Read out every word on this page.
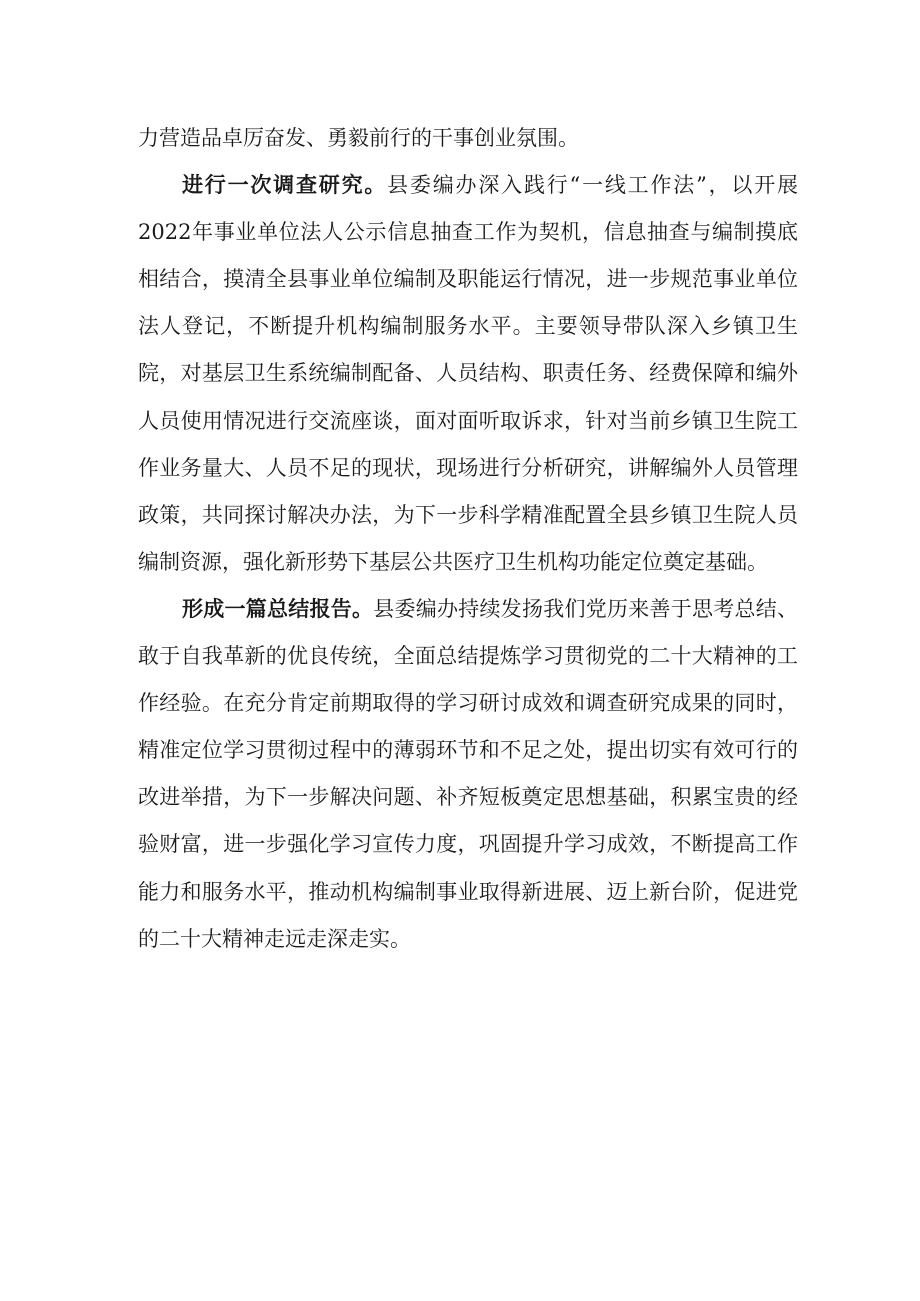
力营造品卓厉奋发、勇毅前行的干事创业氛围。

进行一次调查研究。县委编办深入践行“一线工作法”，以开展2022年事业单位法人公示信息抽查工作为契机，信息抽查与编制摸底相结合，摸清全县事业单位编制及职能运行情况，进一步规范事业单位法人登记，不断提升机构编制服务水平。主要领导带队深入乡镇卫生院，对基层卫生系统编制配备、人员结构、职责任务、经费保障和编外人员使用情况进行交流座谈，面对面听取诉求，针对当前乡镇卫生院工作业务量大、人员不足的现状，现场进行分析研究，讲解编外人员管理政策，共同探讨解决办法，为下一步科学精准配置全县乡镇卫生院人员编制资源，强化新形势下基层公共医疗卫生机构功能定位奠定基础。

形成一篇总结报告。县委编办持续发扬我们党历来善于思考总结、敢于自我革新的优良传统，全面总结提炼学习贯彻党的二十大精神的工作经验。在充分肯定前期取得的学习研讨成效和调查研究成果的同时，精准定位学习贯彻过程中的薄弱环节和不足之处，提出切实有效可行的改进举措，为下一步解决问题、补齐短板奠定思想基础，积累宝贵的经验财富，进一步强化学习宣传力度，巩固提升学习成效，不断提高工作能力和服务水平，推动机构编制事业取得新进展、迈上新台阶，促进党的二十大精神走远走深走实。
